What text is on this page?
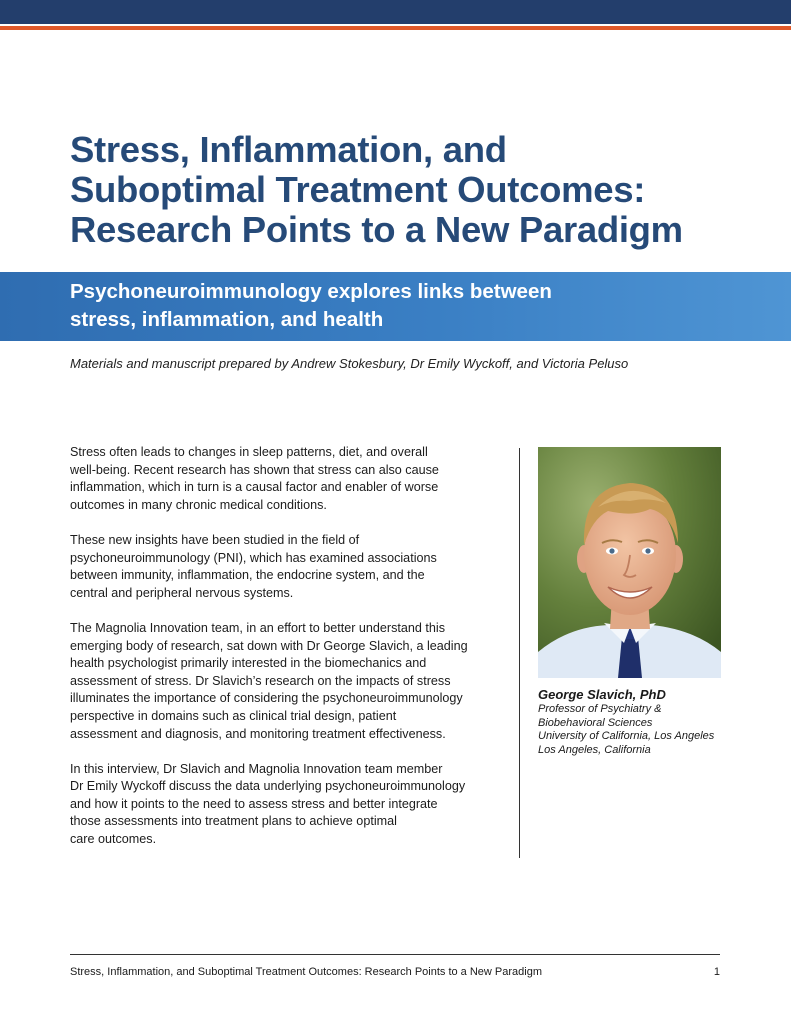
Stress, Inflammation, and
Suboptimal Treatment Outcomes:
Research Points to a New Paradigm
Psychoneuroimmunology explores links between
stress, inflammation, and health
Materials and manuscript prepared by Andrew Stokesbury, Dr Emily Wyckoff, and Victoria Peluso
Stress often leads to changes in sleep patterns, diet, and overall
well-being. Recent research has shown that stress can also cause
inflammation, which in turn is a causal factor and enabler of worse
outcomes in many chronic medical conditions.
These new insights have been studied in the field of
psychoneuroimmunology (PNI), which has examined associations
between immunity, inflammation, the endocrine system, and the
central and peripheral nervous systems.
The Magnolia Innovation team, in an effort to better understand this
emerging body of research, sat down with Dr George Slavich, a leading
health psychologist primarily interested in the biomechanics and
assessment of stress. Dr Slavich’s research on the impacts of stress
illuminates the importance of considering the psychoneuroimmunology
perspective in domains such as clinical trial design, patient
assessment and diagnosis, and monitoring treatment effectiveness.
In this interview, Dr Slavich and Magnolia Innovation team member
Dr Emily Wyckoff discuss the data underlying psychoneuroimmunology
and how it points to the need to assess stress and better integrate
those assessments into treatment plans to achieve optimal
care outcomes.
George Slavich, PhD
Professor of Psychiatry &
Biobehavioral Sciences
University of California, Los Angeles
Los Angeles, California
Stress, Inflammation, and Suboptimal Treatment Outcomes: Research Points to a New Paradigm	1
